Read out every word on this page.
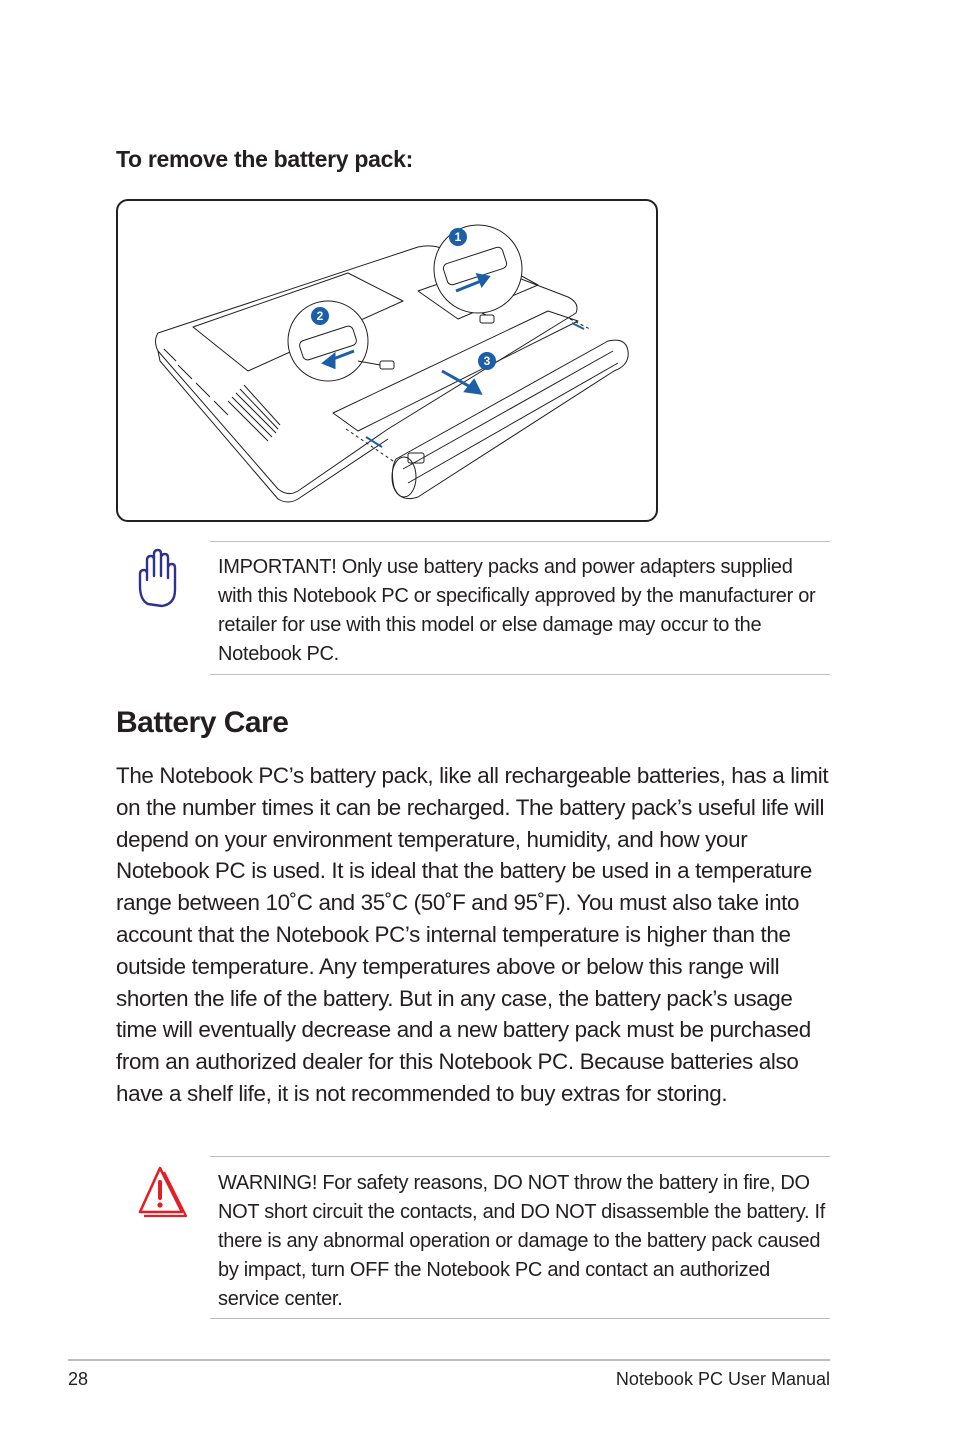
To remove the battery pack:
1
2
3

IMPORTANT! Only use battery packs and power adapters supplied with this Notebook PC or specifically approved by the manufacturer or retailer for use with this model or else damage may occur to the Notebook PC.

Battery Care

The Notebook PC’s battery pack, like all rechargeable batteries, has a limit on the number times it can be recharged. The battery pack’s useful life will depend on your environment temperature, humidity, and how your Notebook PC is used. It is ideal that the battery be used in a temperature range between 10˚C and 35˚C (50˚F and 95˚F). You must also take into account that the Notebook PC’s internal temperature is higher than the outside temperature. Any temperatures above or below this range will shorten the life of the battery. But in any case, the battery pack’s usage time will eventually decrease and a new battery pack must be purchased from an authorized dealer for this Notebook PC. Because batteries also have a shelf life, it is not recommended to buy extras for storing.

WARNING! For safety reasons, DO NOT throw the battery in fire, DO NOT short circuit the contacts, and DO NOT disassemble the battery. If there is any abnormal operation or damage to the battery pack caused by impact, turn OFF the Notebook PC and contact an authorized service center.

28	Notebook PC User Manual
